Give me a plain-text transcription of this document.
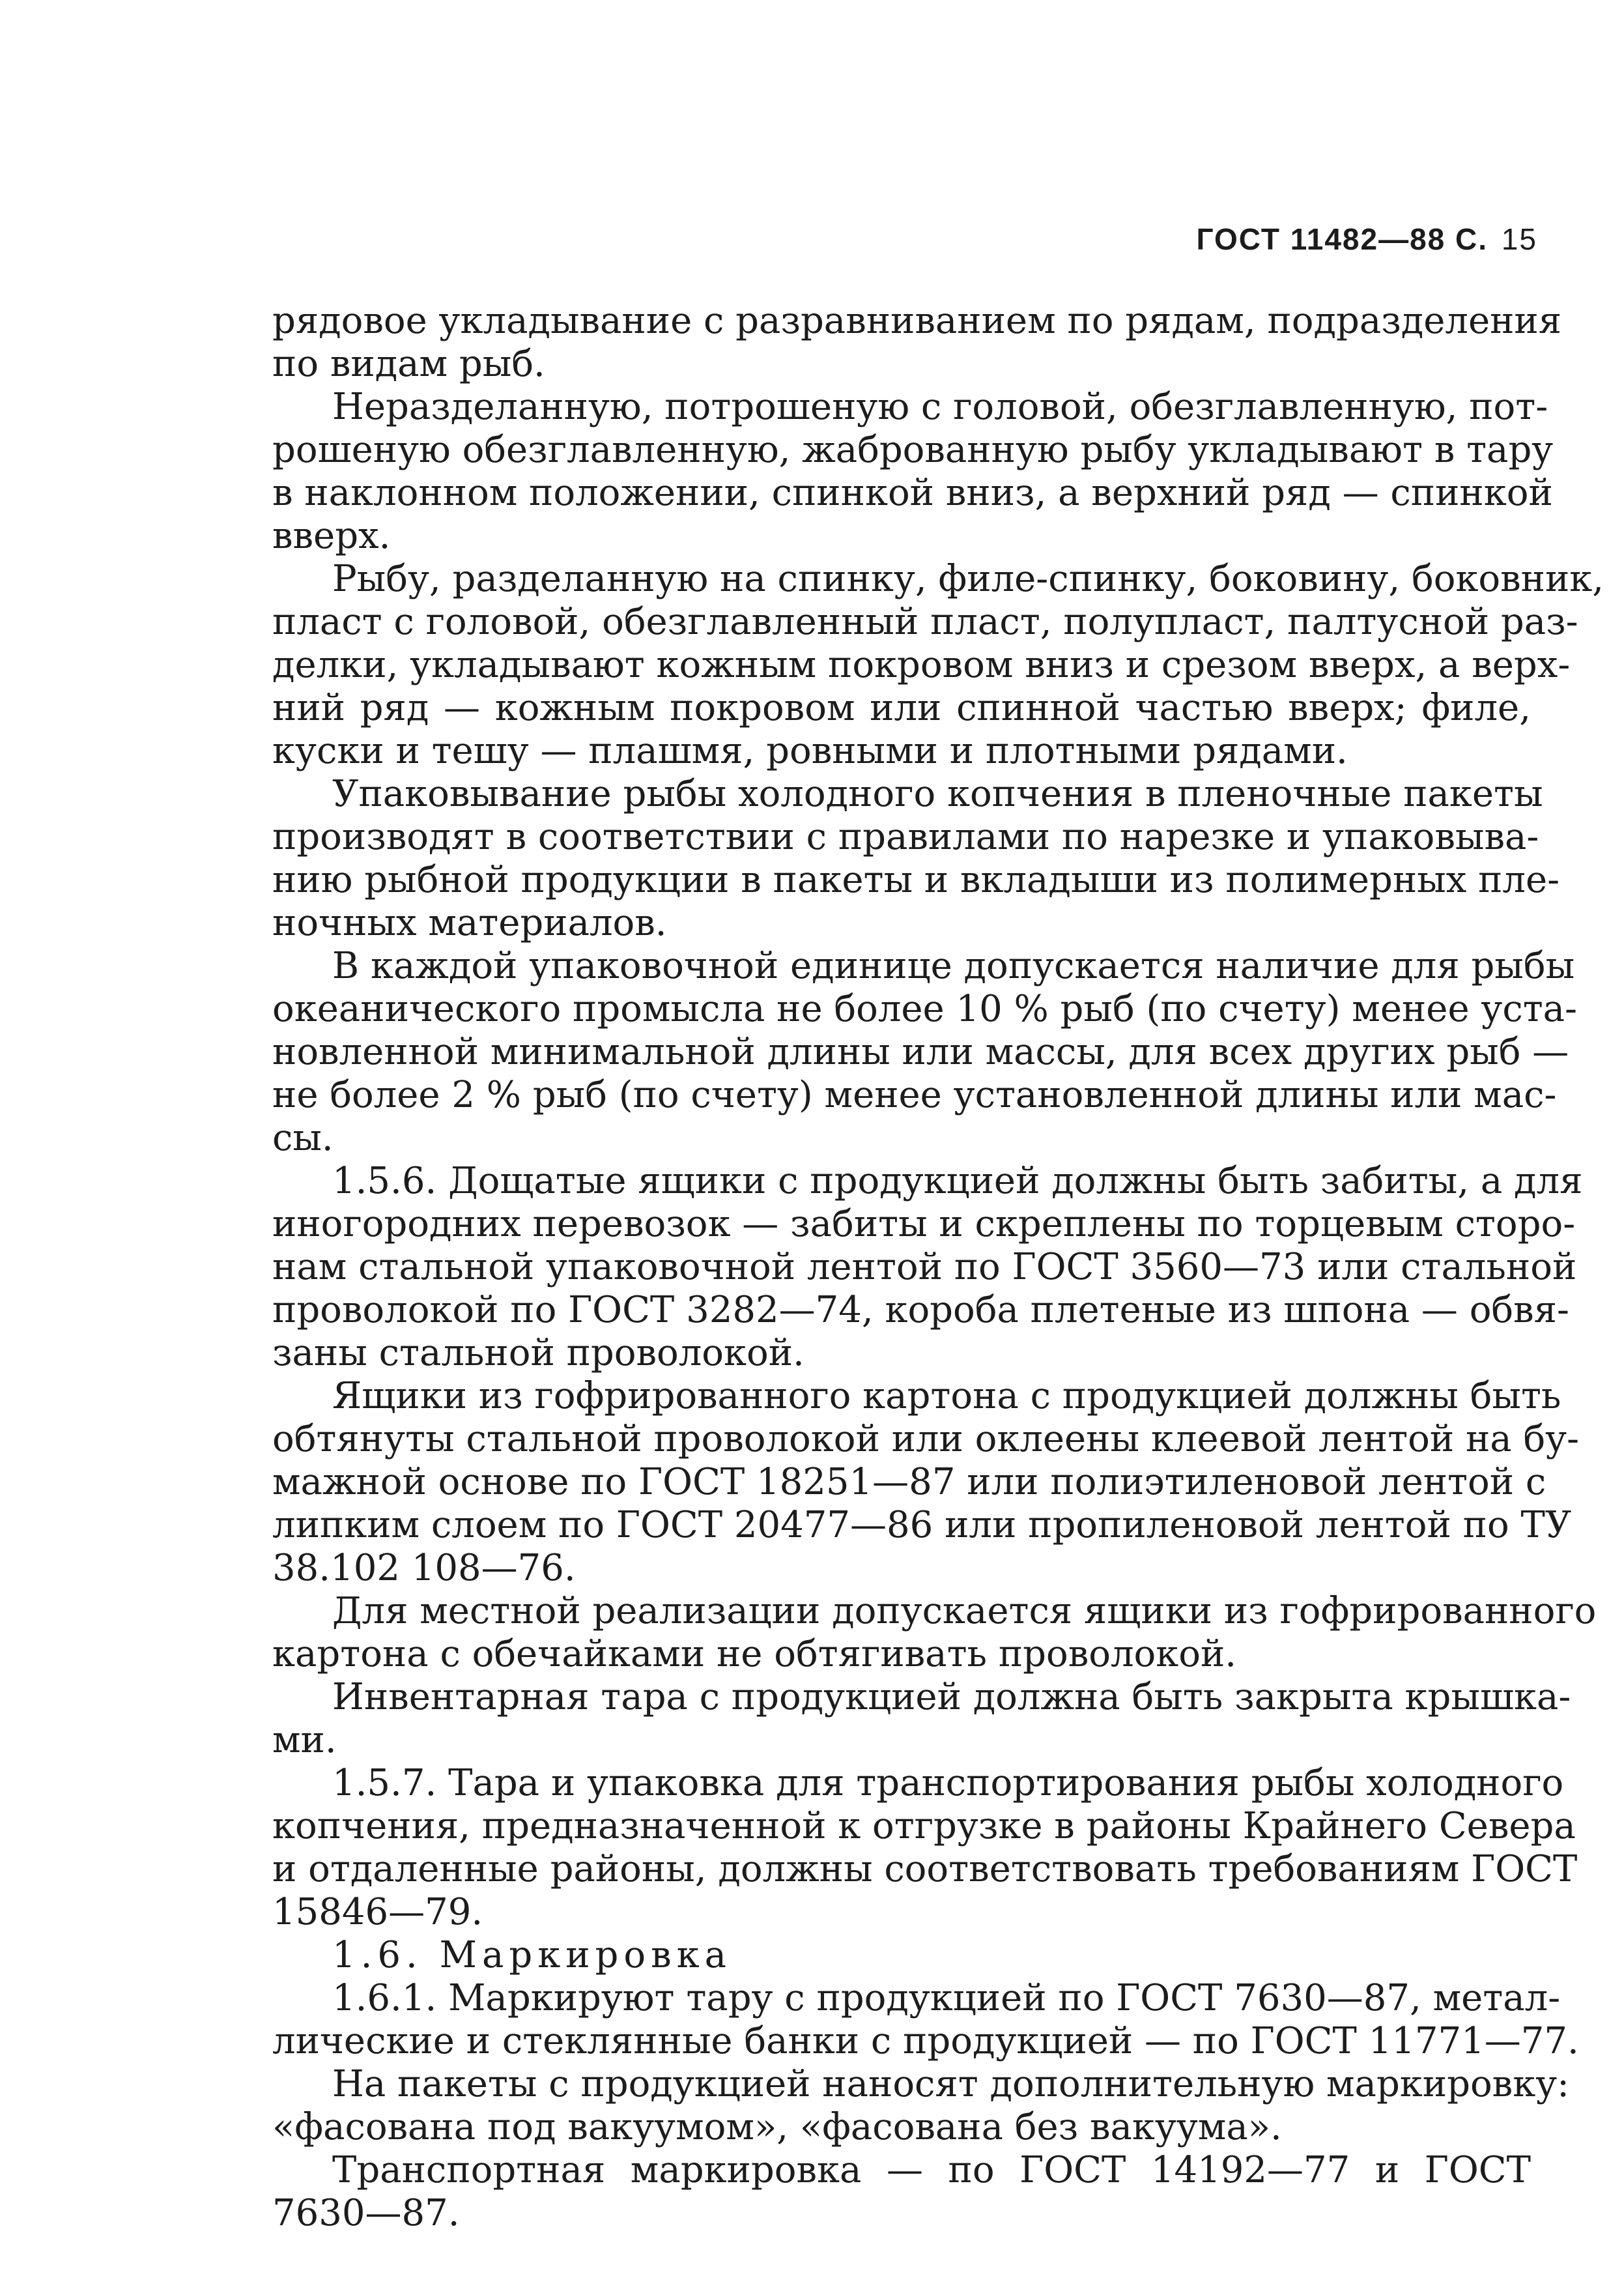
ГОСТ 11482—88 С. 15
рядовое укладывание с разравниванием по рядам, подразделения
по видам рыб.
Неразделанную, потрошеную с головой, обезглавленную, пот-
рошеную обезглавленную, жаброванную рыбу укладывают в тару
в наклонном положении, спинкой вниз, а верхний ряд — спинкой
вверх.
Рыбу, разделанную на спинку, филе-спинку, боковину, боковник,
пласт с головой, обезглавленный пласт, полупласт, палтусной раз-
делки, укладывают кожным покровом вниз и срезом вверх, а верх-
ний ряд — кожным покровом или спинной частью вверх; филе,
куски и тешу — плашмя, ровными и плотными рядами.
Упаковывание рыбы холодного копчения в пленочные пакеты
производят в соответствии с правилами по нарезке и упаковыва-
нию рыбной продукции в пакеты и вкладыши из полимерных пле-
ночных материалов.
В каждой упаковочной единице допускается наличие для рыбы
океанического промысла не более 10 % рыб (по счету) менее уста-
новленной минимальной длины или массы, для всех других рыб —
не более 2 % рыб (по счету) менее установленной длины или мас-
сы.
1.5.6. Дощатые ящики с продукцией должны быть забиты, а для
иногородних перевозок — забиты и скреплены по торцевым сторо-
нам стальной упаковочной лентой по ГОСТ 3560—73 или стальной
проволокой по ГОСТ 3282—74, короба плетеные из шпона — обвя-
заны стальной проволокой.
Ящики из гофрированного картона с продукцией должны быть
обтянуты стальной проволокой или оклеены клеевой лентой на бу-
мажной основе по ГОСТ 18251—87 или полиэтиленовой лентой с
липким слоем по ГОСТ 20477—86 или пропиленовой лентой по ТУ
38.102 108—76.
Для местной реализации допускается ящики из гофрированного
картона с обечайками не обтягивать проволокой.
Инвентарная тара с продукцией должна быть закрыта крышка-
ми.
1.5.7. Тара и упаковка для транспортирования рыбы холодного
копчения, предназначенной к отгрузке в районы Крайнего Севера
и отдаленные районы, должны соответствовать требованиям ГОСТ
15846—79.
1.6. Маркировка
1.6.1. Маркируют тару с продукцией по ГОСТ 7630—87, метал-
лические и стеклянные банки с продукцией — по ГОСТ 11771—77.
На пакеты с продукцией наносят дополнительную маркировку:
«фасована под вакуумом», «фасована без вакуума».
Транспортная маркировка — по ГОСТ 14192—77 и ГОСТ
7630—87.
